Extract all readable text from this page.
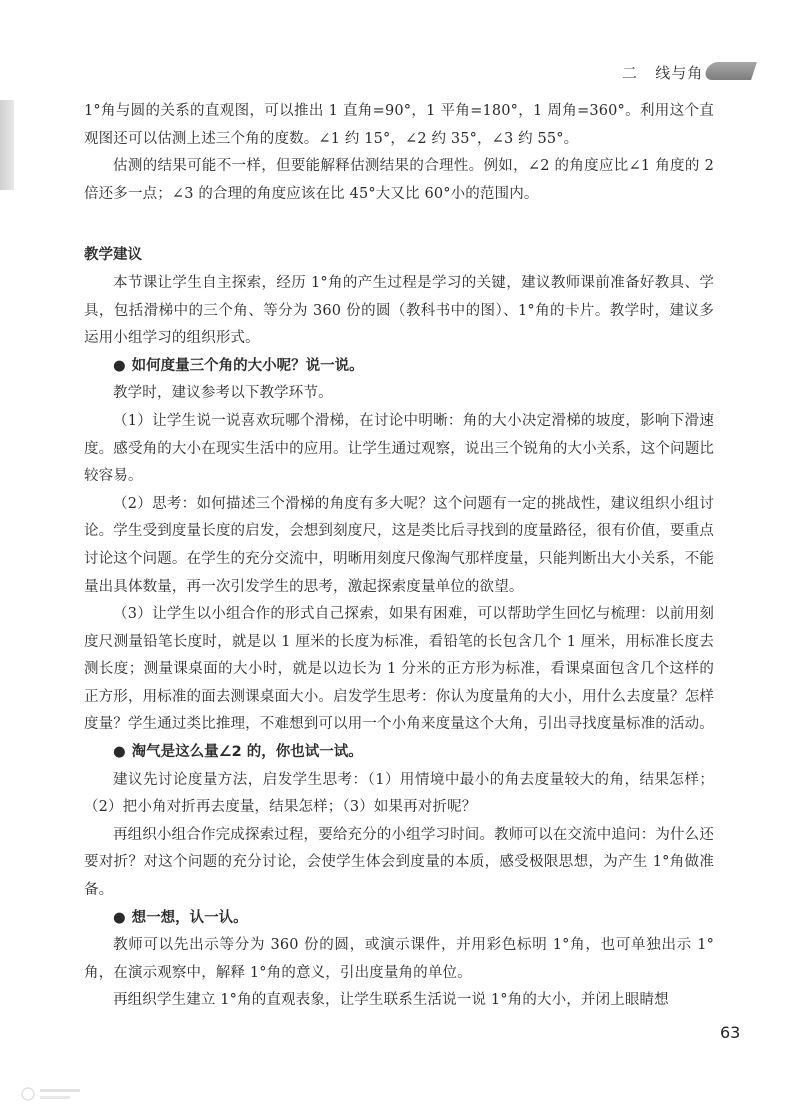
二   线与角

1°角与圆的关系的直观图，可以推出 1 直角=90°，1 平角=180°，1 周角=360°。利用这个直观图还可以估测上述三个角的度数。∠1 约 15°，∠2 约 35°，∠3 约 55°。

估测的结果可能不一样，但要能解释估测结果的合理性。例如，∠2 的角度应比∠1 角度的 2 倍还多一点；∠3 的合理的角度应该在比 45°大又比 60°小的范围内。

教学建议

本节课让学生自主探索，经历 1°角的产生过程是学习的关键，建议教师课前准备好教具、学具，包括滑梯中的三个角、等分为 360 份的圆（教科书中的图）、1°角的卡片。教学时，建议多运用小组学习的组织形式。

● 如何度量三个角的大小呢？说一说。

教学时，建议参考以下教学环节。

（1）让学生说一说喜欢玩哪个滑梯，在讨论中明晰：角的大小决定滑梯的坡度，影响下滑速度。感受角的大小在现实生活中的应用。让学生通过观察，说出三个锐角的大小关系，这个问题比较容易。

（2）思考：如何描述三个滑梯的角度有多大呢？这个问题有一定的挑战性，建议组织小组讨论。学生受到度量长度的启发，会想到刻度尺，这是类比后寻找到的度量路径，很有价值，要重点讨论这个问题。在学生的充分交流中，明晰用刻度尺像淘气那样度量，只能判断出大小关系，不能量出具体数量，再一次引发学生的思考，激起探索度量单位的欲望。

（3）让学生以小组合作的形式自己探索，如果有困难，可以帮助学生回忆与梳理：以前用刻度尺测量铅笔长度时，就是以 1 厘米的长度为标准，看铅笔的长包含几个 1 厘米，用标准长度去测长度；测量课桌面的大小时，就是以边长为 1 分米的正方形为标准，看课桌面包含几个这样的正方形，用标准的面去测课桌面大小。启发学生思考：你认为度量角的大小，用什么去度量？怎样度量？学生通过类比推理，不难想到可以用一个小角来度量这个大角，引出寻找度量标准的活动。

● 淘气是这么量∠2 的，你也试一试。

建议先讨论度量方法，启发学生思考：（1）用情境中最小的角去度量较大的角，结果怎样；（2）把小角对折再去度量，结果怎样；（3）如果再对折呢？

再组织小组合作完成探索过程，要给充分的小组学习时间。教师可以在交流中追问：为什么还要对折？对这个问题的充分讨论，会使学生体会到度量的本质，感受极限思想，为产生 1°角做准备。

● 想一想，认一认。

教师可以先出示等分为 360 份的圆，或演示课件，并用彩色标明 1°角，也可单独出示 1°角，在演示观察中，解释 1°角的意义，引出度量角的单位。

再组织学生建立 1°角的直观表象，让学生联系生活说一说 1°角的大小，并闭上眼睛想

63
